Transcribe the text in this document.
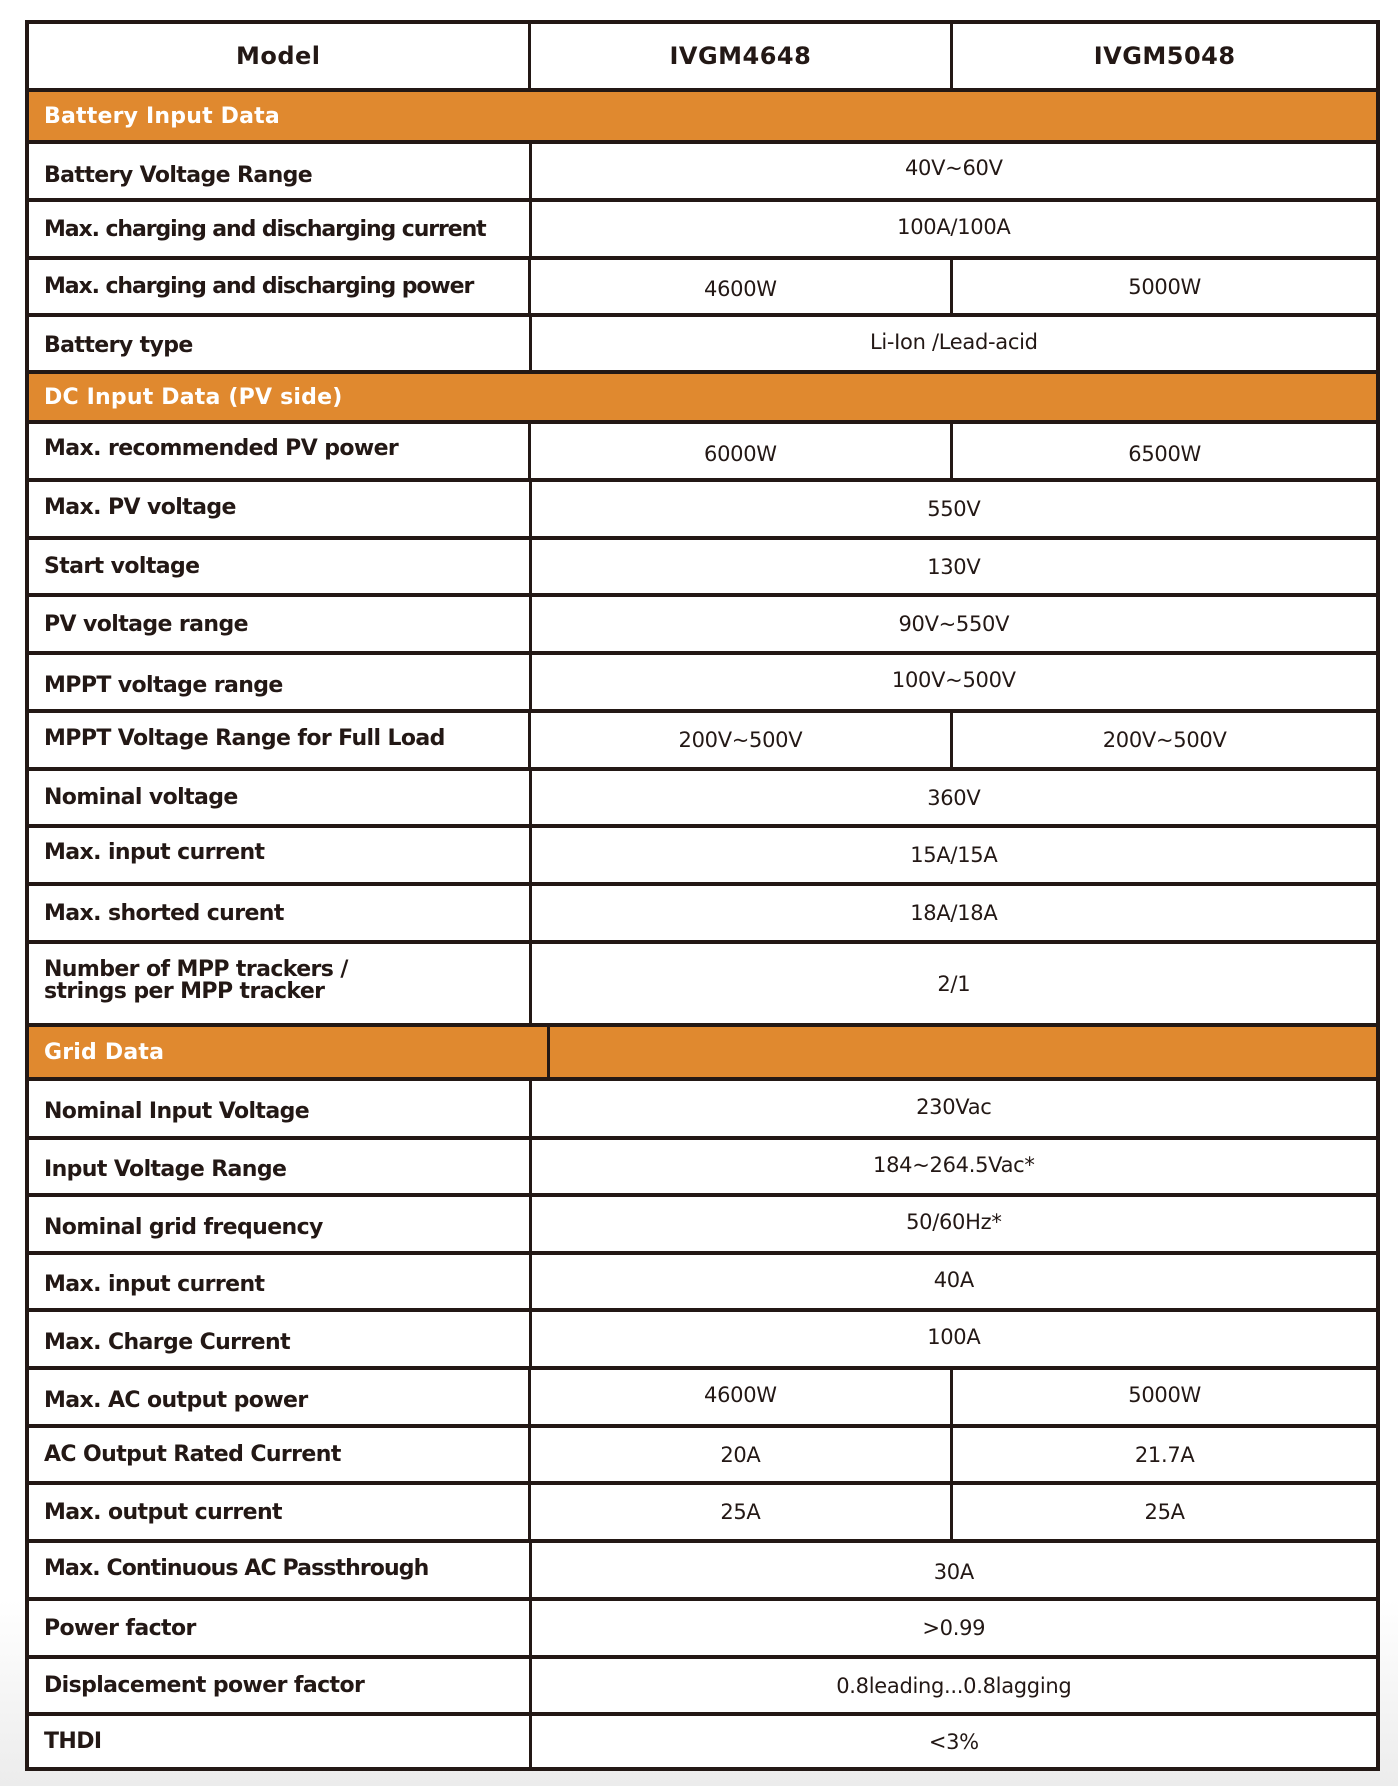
Model	IVGM4648	IVGM5048
Battery Input Data
Battery Voltage Range	40V~60V
Max. charging and discharging current	100A/100A
Max. charging and discharging power	4600W	5000W
Battery type	Li-Ion /Lead-acid
DC Input Data (PV side)
Max. recommended PV power	6000W	6500W
Max. PV voltage	550V
Start voltage	130V
PV voltage range	90V~550V
MPPT voltage range	100V~500V
MPPT Voltage Range for Full Load	200V~500V	200V~500V
Nominal voltage	360V
Max. input current	15A/15A
Max. shorted curent	18A/18A
Number of MPP trackers /
strings per MPP tracker	2/1
Grid Data
Nominal Input Voltage	230Vac
Input Voltage Range	184~264.5Vac*
Nominal grid frequency	50/60Hz*
Max. input current	40A
Max. Charge Current	100A
Max. AC output power	4600W	5000W
AC Output Rated Current	20A	21.7A
Max. output current	25A	25A
Max. Continuous AC Passthrough	30A
Power factor	>0.99
Displacement power factor	0.8leading...0.8lagging
THDI	<3%
